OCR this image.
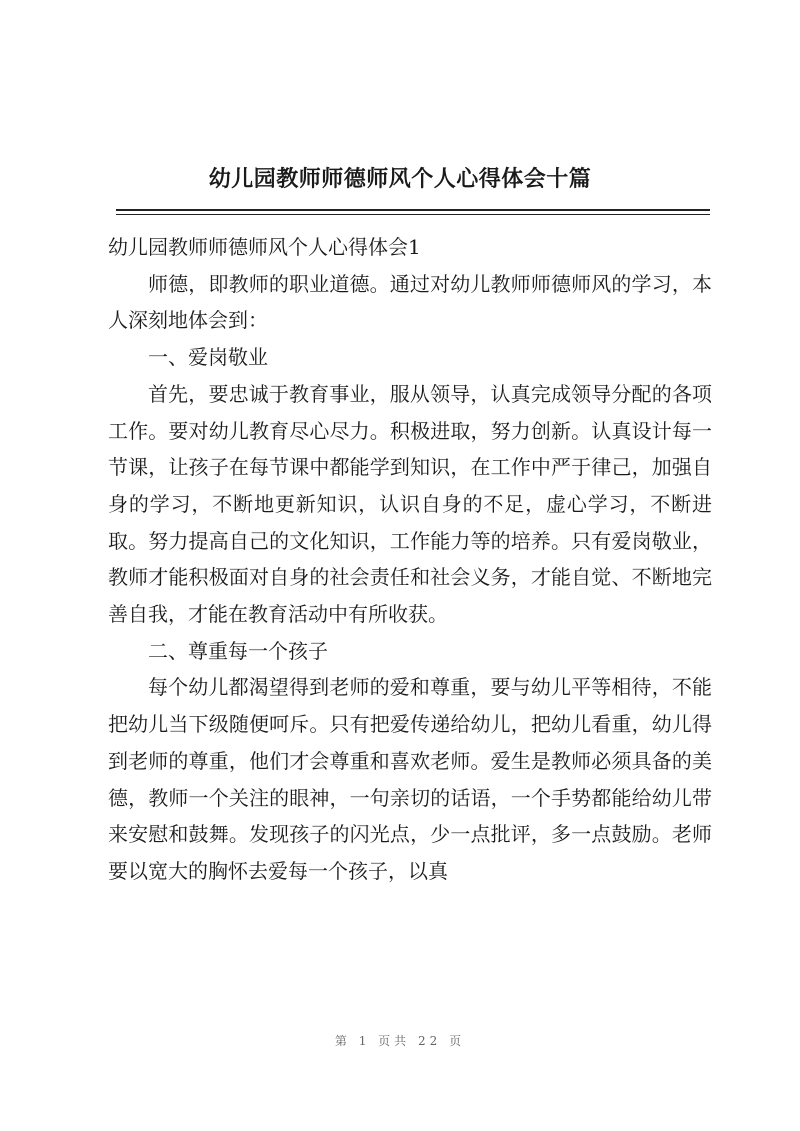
幼儿园教师师德师风个人心得体会十篇

幼儿园教师师德师风个人心得体会1

师德，即教师的职业道德。通过对幼儿教师师德师风的学习，本人深刻地体会到：

一、爱岗敬业

首先，要忠诚于教育事业，服从领导，认真完成领导分配的各项工作。要对幼儿教育尽心尽力。积极进取，努力创新。认真设计每一节课，让孩子在每节课中都能学到知识，在工作中严于律己，加强自身的学习，不断地更新知识，认识自身的不足，虚心学习，不断进取。努力提高自己的文化知识，工作能力等的培养。只有爱岗敬业，教师才能积极面对自身的社会责任和社会义务，才能自觉、不断地完善自我，才能在教育活动中有所收获。

二、尊重每一个孩子

每个幼儿都渴望得到老师的爱和尊重，要与幼儿平等相待，不能把幼儿当下级随便呵斥。只有把爱传递给幼儿，把幼儿看重，幼儿得到老师的尊重，他们才会尊重和喜欢老师。爱生是教师必须具备的美德，教师一个关注的眼神，一句亲切的话语，一个手势都能给幼儿带来安慰和鼓舞。发现孩子的闪光点，少一点批评，多一点鼓励。老师要以宽大的胸怀去爱每一个孩子，以真

第 1 页共 22 页
